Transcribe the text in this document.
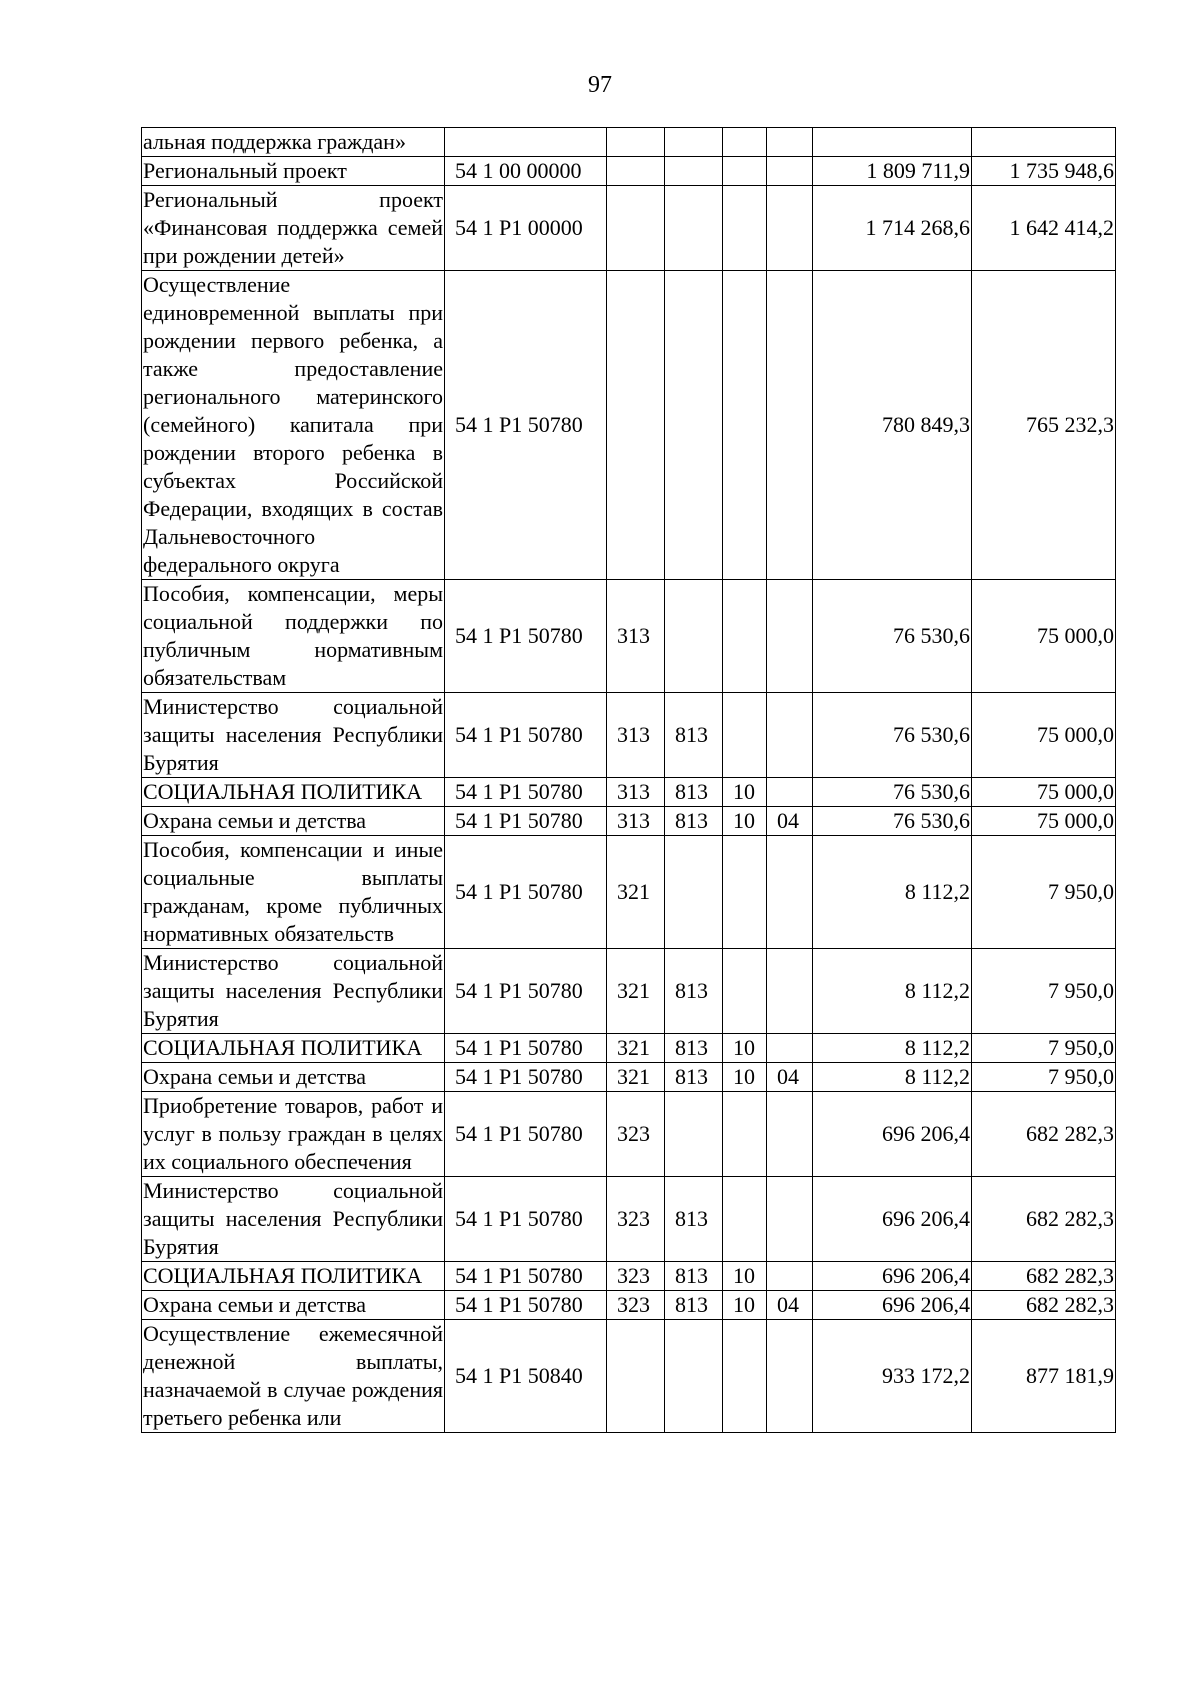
97
альная поддержка граждан»							
Региональный проект	54 1 00 00000					1 809 711,9	1 735 948,6
Региональный проект «Финансовая поддержка семей при рождении детей»	54 1 P1 00000					1 714 268,6	1 642 414,2
Осуществление единовременной выплаты при рождении первого ребенка, а также предоставление регионального материнского (семейного) капитала при рождении второго ребенка в субъектах Российской Федерации, входящих в состав Дальневосточного федерального округа	54 1 P1 50780					780 849,3	765 232,3
Пособия, компенсации, меры социальной поддержки по публичным нормативным обязательствам	54 1 P1 50780	313				76 530,6	75 000,0
Министерство социальной защиты населения Республики Бурятия	54 1 P1 50780	313	813			76 530,6	75 000,0
СОЦИАЛЬНАЯ ПОЛИТИКА	54 1 P1 50780	313	813	10		76 530,6	75 000,0
Охрана семьи и детства	54 1 P1 50780	313	813	10	04	76 530,6	75 000,0
Пособия, компенсации и иные социальные выплаты гражданам, кроме публичных нормативных обязательств	54 1 P1 50780	321				8 112,2	7 950,0
Министерство социальной защиты населения Республики Бурятия	54 1 P1 50780	321	813			8 112,2	7 950,0
СОЦИАЛЬНАЯ ПОЛИТИКА	54 1 P1 50780	321	813	10		8 112,2	7 950,0
Охрана семьи и детства	54 1 P1 50780	321	813	10	04	8 112,2	7 950,0
Приобретение товаров, работ и услуг в пользу граждан в целях их социального обеспечения	54 1 P1 50780	323				696 206,4	682 282,3
Министерство социальной защиты населения Республики Бурятия	54 1 P1 50780	323	813			696 206,4	682 282,3
СОЦИАЛЬНАЯ ПОЛИТИКА	54 1 P1 50780	323	813	10		696 206,4	682 282,3
Охрана семьи и детства	54 1 P1 50780	323	813	10	04	696 206,4	682 282,3
Осуществление ежемесячной денежной выплаты, назначаемой в случае рождения третьего ребенка или	54 1 P1 50840					933 172,2	877 181,9
